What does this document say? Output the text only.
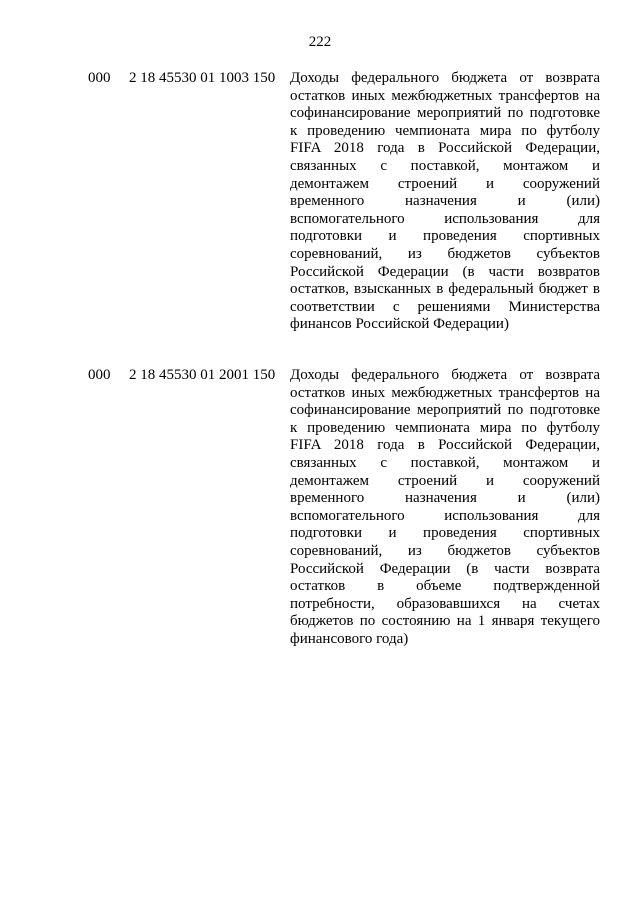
222
000 2 18 45530 01 1003 150 Доходы федерального бюджета от возврата остатков иных межбюджетных трансфертов на софинансирование мероприятий по подготовке к проведению чемпионата мира по футболу FIFA 2018 года в Российской Федерации, связанных с поставкой, монтажом и демонтажем строений и сооружений временного назначения и (или) вспомогательного использования для подготовки и проведения спортивных соревнований, из бюджетов субъектов Российской Федерации (в части возвратов остатков, взысканных в федеральный бюджет в соответствии с решениями Министерства финансов Российской Федерации)
000 2 18 45530 01 2001 150 Доходы федерального бюджета от возврата остатков иных межбюджетных трансфертов на софинансирование мероприятий по подготовке к проведению чемпионата мира по футболу FIFA 2018 года в Российской Федерации, связанных с поставкой, монтажом и демонтажем строений и сооружений временного назначения и (или) вспомогательного использования для подготовки и проведения спортивных соревнований, из бюджетов субъектов Российской Федерации (в части возврата остатков в объеме подтвержденной потребности, образовавшихся на счетах бюджетов по состоянию на 1 января текущего финансового года)
